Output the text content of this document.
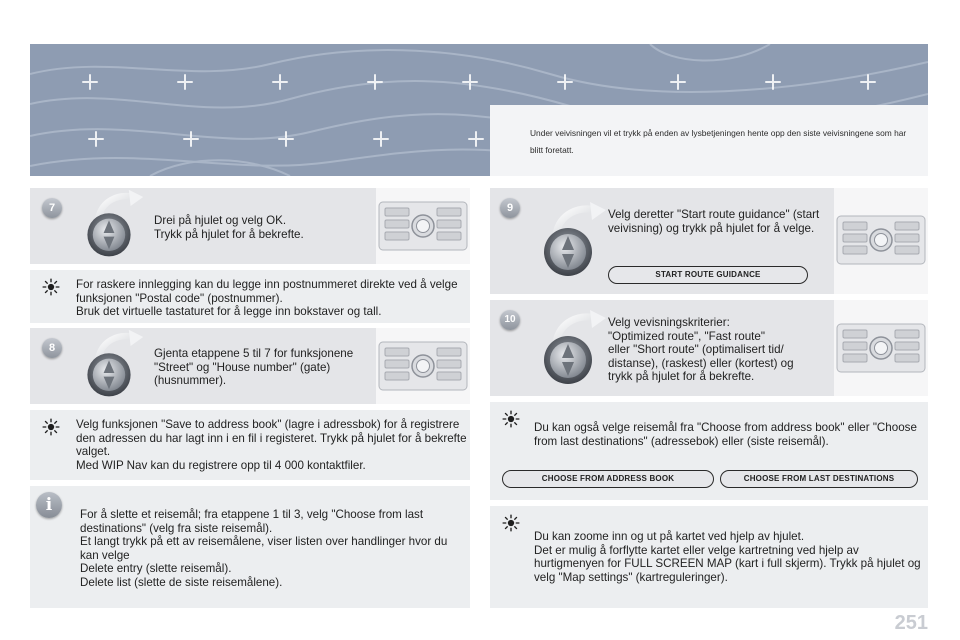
Under veivisningen vil et trykk på enden av lysbetjeningen hente opp den siste veivisningene som har blitt foretatt.

7

Drei på hjulet og velg OK.
Trykk på hjulet for å bekrefte.

For raskere innlegging kan du legge inn postnummeret direkte ved å velge funksjonen "Postal code" (postnummer).
Bruk det virtuelle tastaturet for å legge inn bokstaver og tall.

8	Gjenta etappene 5 til 7 for funksjonene "Street" og "House number" (gate) (husnummer).

Velg funksjonen "Save to address book" (lagre i adressbok) for å registrere den adressen du har lagt inn i en fil i registeret. Trykk på hjulet for å bekrefte valget.
Med WIP Nav kan du registrere opp til 4 000 kontaktfiler.

i	For å slette et reisemål; fra etappene 1 til 3, velg "Choose from last destinations" (velg fra siste reisemål).
Et langt trykk på ett av reisemålene, viser listen over handlinger hvor du kan velge
Delete entry (slette reisemål).
Delete list (slette de siste reisemålene).

9	Velg deretter "Start route guidance" (start veivisning) og trykk på hjulet for å velge.

START ROUTE GUIDANCE
10	Velg vevisningskriterier:
"Optimized route", "Fast route"
eller "Short route" (optimalisert tid/ distanse), (raskest) eller (kortest) og trykk på hjulet for å bekrefte.

Du kan også velge reisemål fra "Choose from address book" eller "Choose from last destinations" (adressebok) eller (siste reisemål).

CHOOSE FROM ADDRESS BOOK	CHOOSE FROM LAST DESTINATIONS

Du kan zoome inn og ut på kartet ved hjelp av hjulet.
Det er mulig å forflytte kartet eller velge kartretning ved hjelp av hurtigmenyen for FULL SCREEN MAP (kart i full skjerm). Trykk på hjulet og velg "Map settings" (kartreguleringer).

251
